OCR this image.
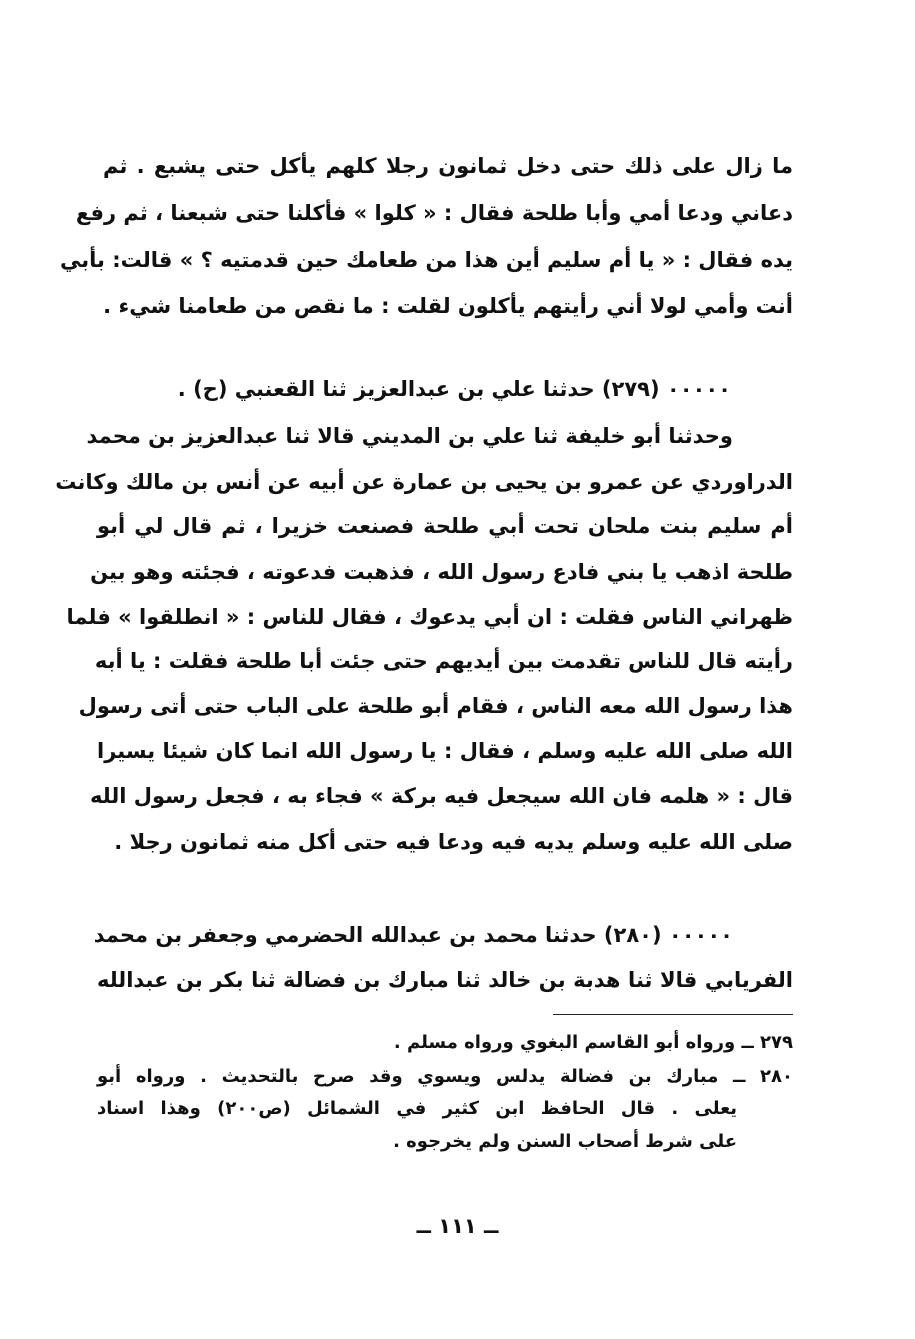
ما زال على ذلك حتى دخل ثمانون رجلا كلهم يأكل حتى يشبع . ثم
دعاني ودعا أمي وأبا طلحة فقال : « كلوا » فأكلنا حتى شبعنا ، ثم رفع
يده فقال : « يا أم سليم أين هذا من طعامك حين قدمتيه ؟ » قالت: بأبي
أنت وأمي لولا أني رأيتهم يأكلون لقلت : ما نقص من طعامنا شيء .
٠٠٠٠٠ (٢٧٩) حدثنا علي بن عبدالعزيز ثنا القعنبي (ح) .
وحدثنا أبو خليفة ثنا علي بن المديني قالا ثنا عبدالعزيز بن محمد
الدراوردي عن عمرو بن يحيى بن عمارة عن أبيه عن أنس بن مالك وكانت
أم سليم بنت ملحان تحت أبي طلحة فصنعت خزيرا ، ثم قال لي أبو
طلحة اذهب يا بني فادع رسول الله ، فذهبت فدعوته ، فجئته وهو بين
ظهراني الناس فقلت : ان أبي يدعوك ، فقال للناس : « انطلقوا » فلما
رأيته قال للناس تقدمت بين أيديهم حتى جئت أبا طلحة فقلت : يا أبه
هذا رسول الله معه الناس ، فقام أبو طلحة على الباب حتى أتى رسول
الله صلى الله عليه وسلم ، فقال : يا رسول الله انما كان شيئا يسيرا
قال : « هلمه فان الله سيجعل فيه بركة » فجاء به ، فجعل رسول الله
صلى الله عليه وسلم يديه فيه ودعا فيه حتى أكل منه ثمانون رجلا .
٠٠٠٠٠ (٢٨٠) حدثنا محمد بن عبدالله الحضرمي وجعفر بن محمد
الفريابي قالا ثنا هدبة بن خالد ثنا مبارك بن فضالة ثنا بكر بن عبدالله
٢٧٩ ــ ورواه أبو القاسم البغوي ورواه مسلم .
٢٨٠ ــ مبارك بن فضالة يدلس ويسوي وقد صرح بالتحديث . ورواه أبو
يعلى . قال الحافظ ابن كثير في الشمائل (ص٢٠٠) وهذا اسناد
على شرط أصحاب السنن ولم يخرجوه .
ــ ١١١ ــ
